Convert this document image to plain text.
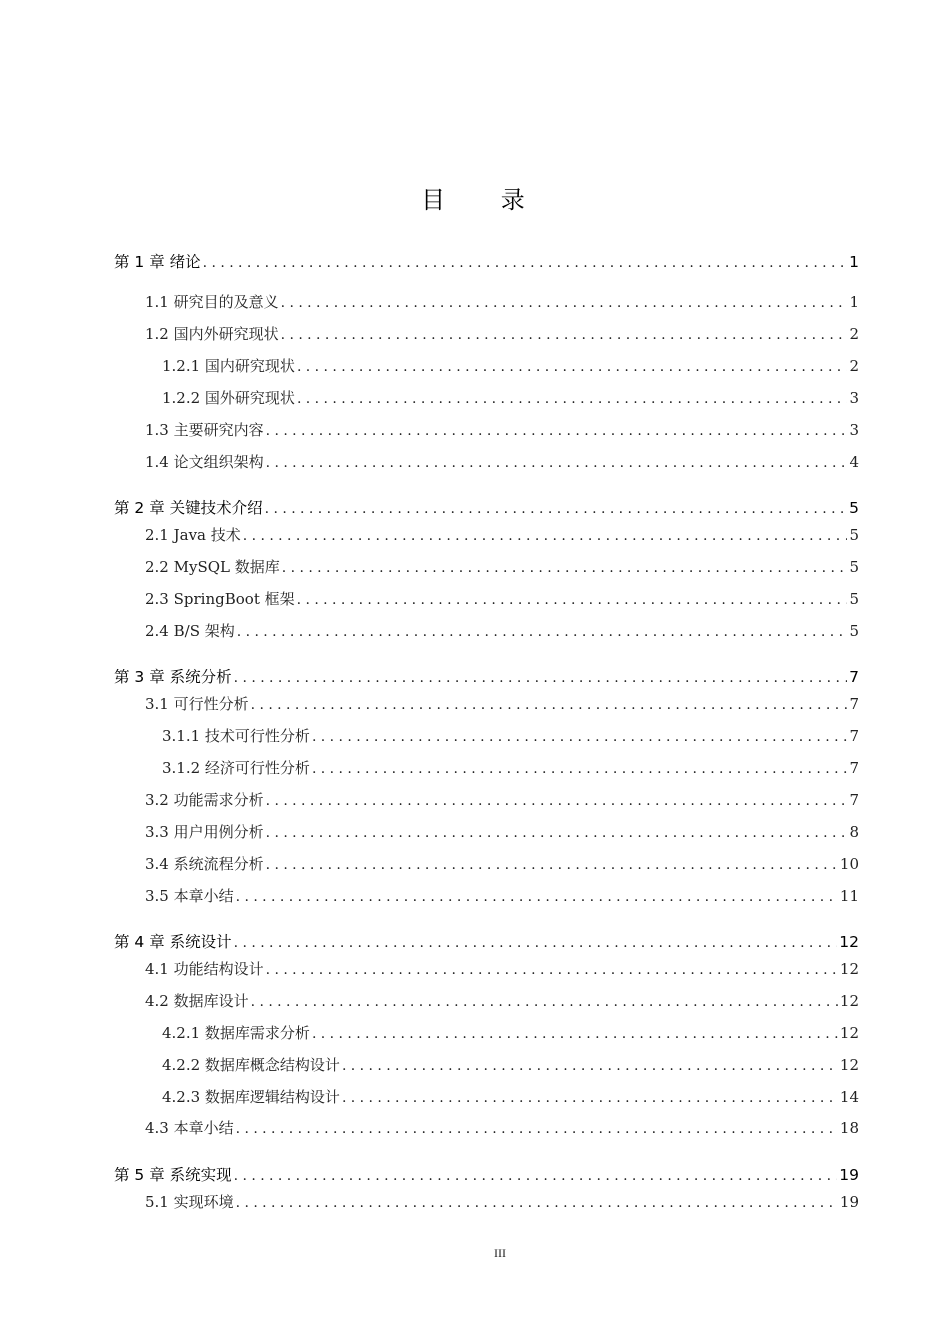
目 录
第 1 章 绪论 .....	1
1.1 研究目的及意义 .....	1
1.2 国内外研究现状 .....	2
1.2.1 国内研究现状 .....	2
1.2.2 国外研究现状 .....	3
1.3 主要研究内容 .....	3
1.4 论文组织架构 .....	4
第 2 章 关键技术介绍 .....	5
2.1 Java 技术 .....	5
2.2 MySQL 数据库 .....	5
2.3 SpringBoot 框架 .....	5
2.4 B/S 架构 .....	5
第 3 章 系统分析 .....	7
3.1 可行性分析 .....	7
3.1.1 技术可行性分析 .....	7
3.1.2 经济可行性分析 .....	7
3.2 功能需求分析 .....	7
3.3 用户用例分析 .....	8
3.4 系统流程分析 .....	10
3.5 本章小结 .....	11
第 4 章 系统设计 .....	12
4.1 功能结构设计 .....	12
4.2 数据库设计 .....	12
4.2.1 数据库需求分析 .....	12
4.2.2 数据库概念结构设计 .....	12
4.2.3 数据库逻辑结构设计 .....	14
4.3 本章小结 .....	18
第 5 章 系统实现 .....	19
5.1 实现环境 .....	19
III
